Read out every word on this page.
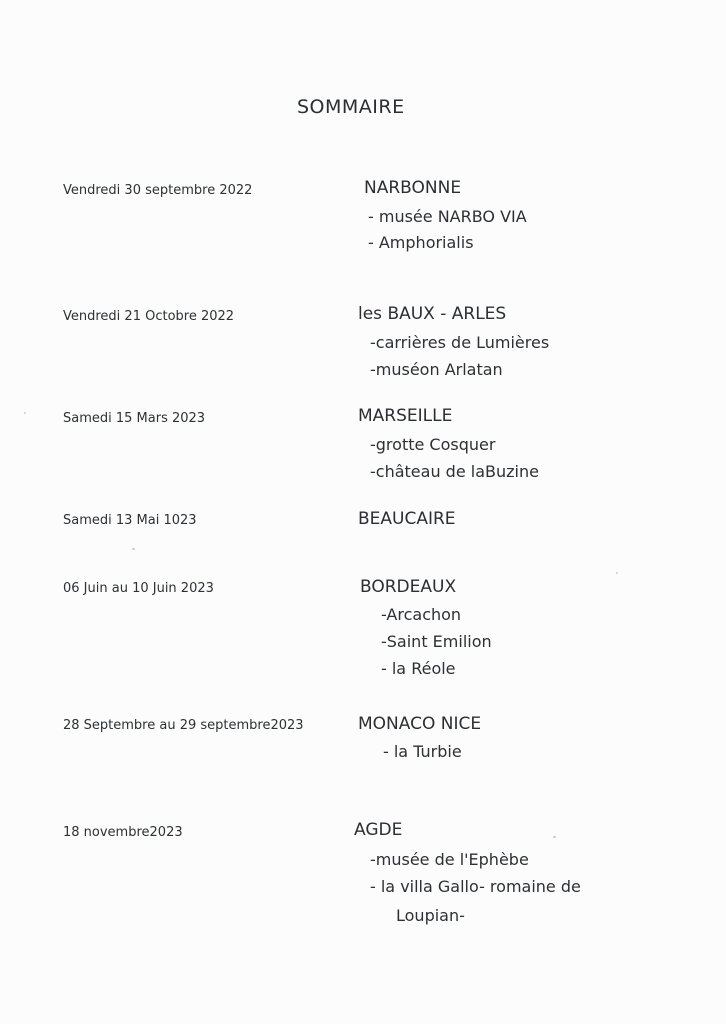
SOMMAIRE
Vendredi 30 septembre 2022	NARBONNE
- musée NARBO VIA
- Amphorialis
Vendredi 21 Octobre 2022	les BAUX - ARLES
-carrières de Lumières
-muséon Arlatan
Samedi 15 Mars 2023	MARSEILLE
-grotte Cosquer
-château de laBuzine
Samedi 13 Mai 1023	BEAUCAIRE
06 Juin au 10 Juin 2023	BORDEAUX
-Arcachon
-Saint Emilion
- la Réole
28 Septembre au 29 septembre2023	MONACO NICE
- la Turbie
18 novembre2023	AGDE
-musée de l'Ephèbe
- la villa Gallo- romaine de
Loupian-
